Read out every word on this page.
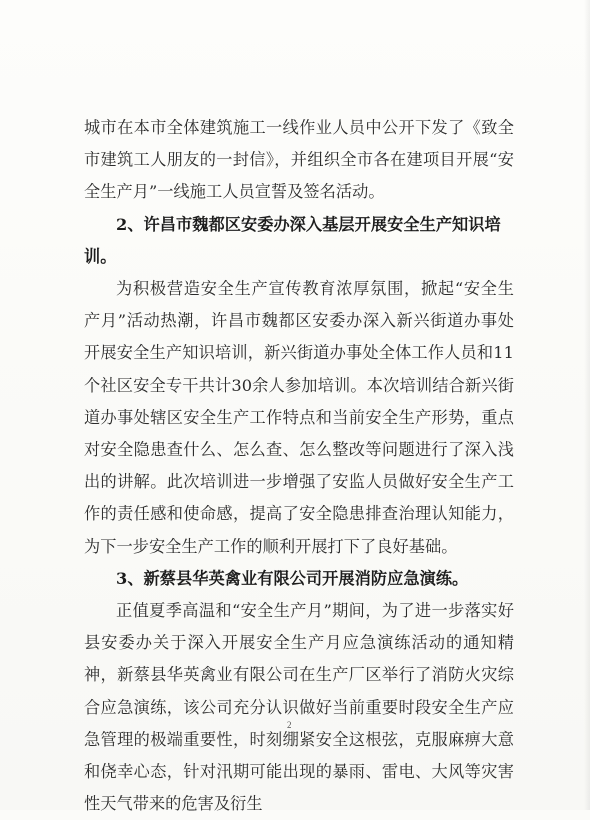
城市在本市全体建筑施工一线作业人员中公开下发了《致全市建筑工人朋友的一封信》，并组织全市各在建项目开展“安全生产月”一线施工人员宣誓及签名活动。

2、许昌市魏都区安委办深入基层开展安全生产知识培训。

为积极营造安全生产宣传教育浓厚氛围，掀起“安全生产月”活动热潮，许昌市魏都区安委办深入新兴街道办事处开展安全生产知识培训，新兴街道办事处全体工作人员和11个社区安全专干共计30余人参加培训。本次培训结合新兴街道办事处辖区安全生产工作特点和当前安全生产形势，重点对安全隐患查什么、怎么查、怎么整改等问题进行了深入浅出的讲解。此次培训进一步增强了安监人员做好安全生产工作的责任感和使命感，提高了安全隐患排查治理认知能力，为下一步安全生产工作的顺利开展打下了良好基础。

3、新蔡县华英禽业有限公司开展消防应急演练。

正值夏季高温和“安全生产月”期间，为了进一步落实好县安委办关于深入开展安全生产月应急演练活动的通知精神，新蔡县华英禽业有限公司在生产厂区举行了消防火灾综合应急演练，该公司充分认识做好当前重要时段安全生产应急管理的极端重要性，时刻绷紧安全这根弦，克服麻痹大意和侥幸心态，针对汛期可能出现的暴雨、雷电、大风等灾害性天气带来的危害及衍生

2
